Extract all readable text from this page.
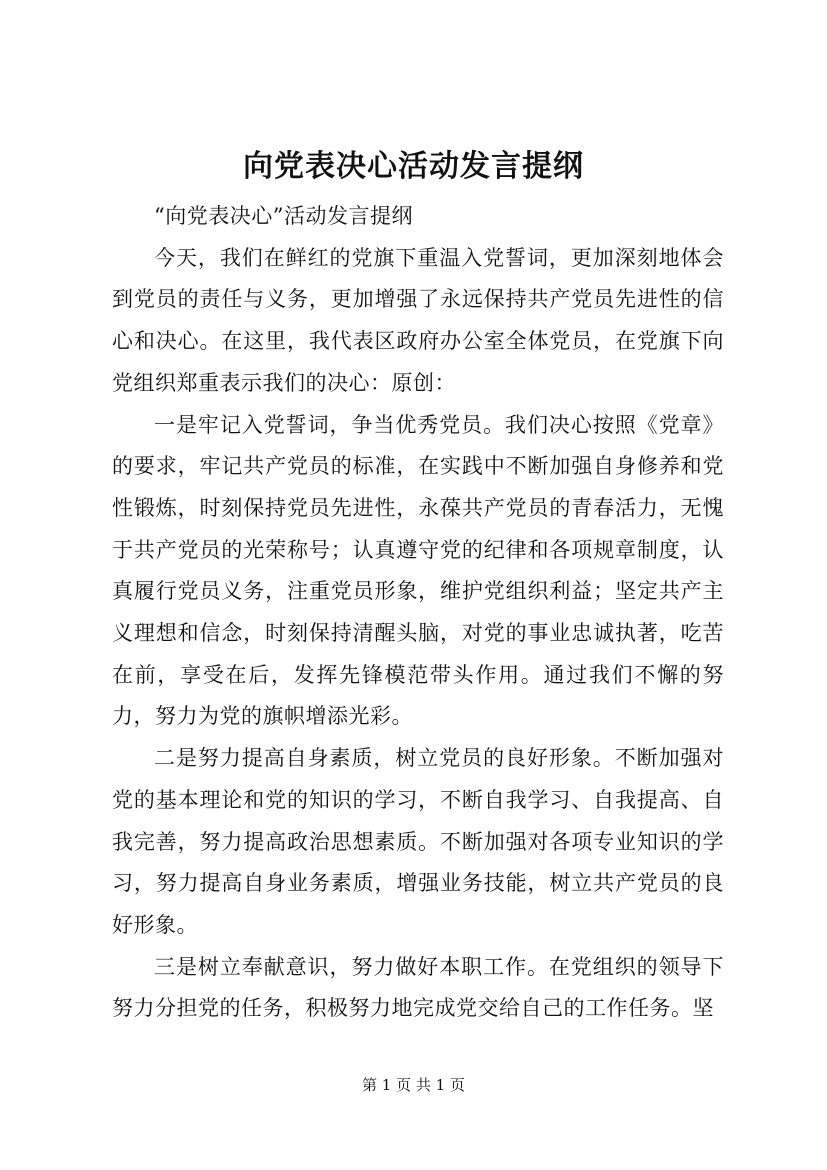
向党表决心活动发言提纲

“向党表决心”活动发言提纲

今天，我们在鲜红的党旗下重温入党誓词，更加深刻地体会到党员的责任与义务，更加增强了永远保持共产党员先进性的信心和决心。在这里，我代表区政府办公室全体党员，在党旗下向党组织郑重表示我们的决心：原创：

一是牢记入党誓词，争当优秀党员。我们决心按照《党章》的要求，牢记共产党员的标准，在实践中不断加强自身修养和党性锻炼，时刻保持党员先进性，永葆共产党员的青春活力，无愧于共产党员的光荣称号；认真遵守党的纪律和各项规章制度，认真履行党员义务，注重党员形象，维护党组织利益；坚定共产主义理想和信念，时刻保持清醒头脑，对党的事业忠诚执著，吃苦在前，享受在后，发挥先锋模范带头作用。通过我们不懈的努力，努力为党的旗帜增添光彩。

二是努力提高自身素质，树立党员的良好形象。不断加强对党的基本理论和党的知识的学习，不断自我学习、自我提高、自我完善，努力提高政治思想素质。不断加强对各项专业知识的学习，努力提高自身业务素质，增强业务技能，树立共产党员的良好形象。

三是树立奉献意识，努力做好本职工作。在党组织的领导下努力分担党的任务，积极努力地完成党交给自己的工作任务。坚

第 1 页 共 1 页
